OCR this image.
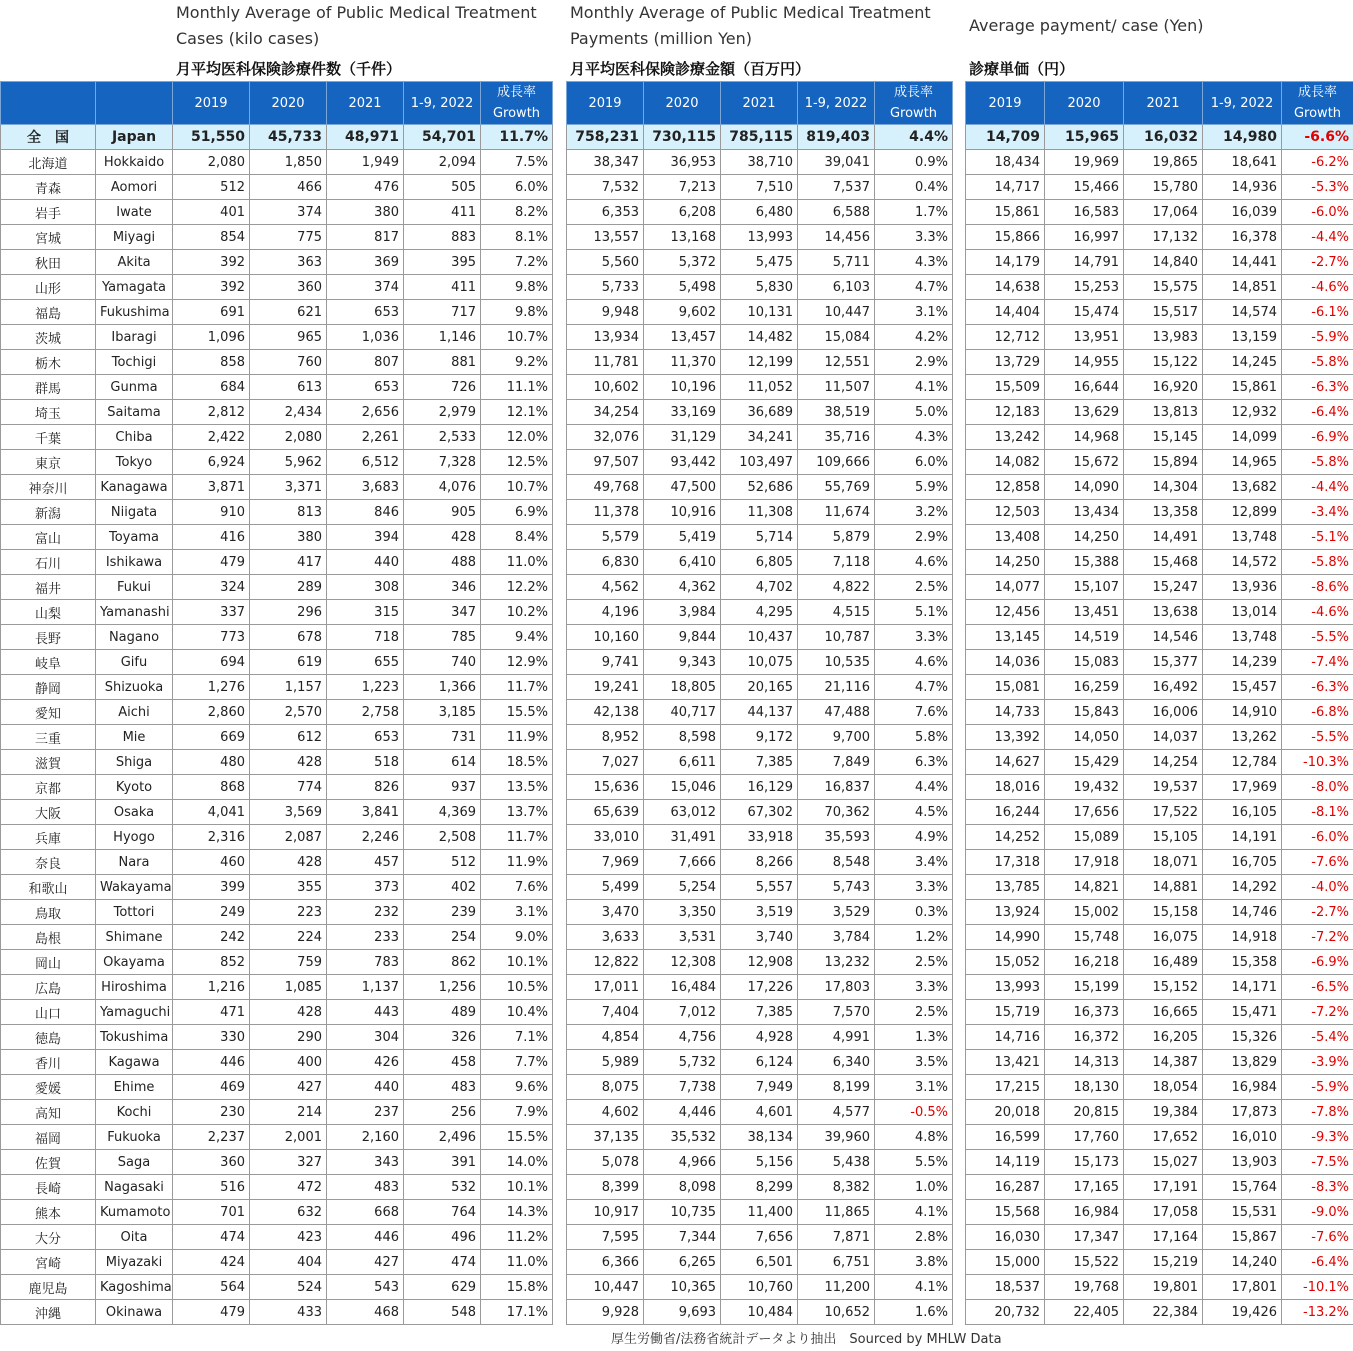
Monthly Average of Public Medical Treatment Cases (kilo cases)
月平均医科保険診療件数（千件）
Monthly Average of Public Medical Treatment Payments (million Yen)
月平均医科保険診療金額（百万円）
Average payment/ case (Yen)
診療単価（円）
		2019	2020	2021	1-9, 2022	成長率
Growth
全　国	Japan	51,550	45,733	48,971	54,701	11.7%
北海道	Hokkaido	2,080	1,850	1,949	2,094	7.5%
青森	Aomori	512	466	476	505	6.0%
岩手	Iwate	401	374	380	411	8.2%
宮城	Miyagi	854	775	817	883	8.1%
秋田	Akita	392	363	369	395	7.2%
山形	Yamagata	392	360	374	411	9.8%
福島	Fukushima	691	621	653	717	9.8%
茨城	Ibaragi	1,096	965	1,036	1,146	10.7%
栃木	Tochigi	858	760	807	881	9.2%
群馬	Gunma	684	613	653	726	11.1%
埼玉	Saitama	2,812	2,434	2,656	2,979	12.1%
千葉	Chiba	2,422	2,080	2,261	2,533	12.0%
東京	Tokyo	6,924	5,962	6,512	7,328	12.5%
神奈川	Kanagawa	3,871	3,371	3,683	4,076	10.7%
新潟	Niigata	910	813	846	905	6.9%
富山	Toyama	416	380	394	428	8.4%
石川	Ishikawa	479	417	440	488	11.0%
福井	Fukui	324	289	308	346	12.2%
山梨	Yamanashi	337	296	315	347	10.2%
長野	Nagano	773	678	718	785	9.4%
岐阜	Gifu	694	619	655	740	12.9%
静岡	Shizuoka	1,276	1,157	1,223	1,366	11.7%
愛知	Aichi	2,860	2,570	2,758	3,185	15.5%
三重	Mie	669	612	653	731	11.9%
滋賀	Shiga	480	428	518	614	18.5%
京都	Kyoto	868	774	826	937	13.5%
大阪	Osaka	4,041	3,569	3,841	4,369	13.7%
兵庫	Hyogo	2,316	2,087	2,246	2,508	11.7%
奈良	Nara	460	428	457	512	11.9%
和歌山	Wakayama	399	355	373	402	7.6%
鳥取	Tottori	249	223	232	239	3.1%
島根	Shimane	242	224	233	254	9.0%
岡山	Okayama	852	759	783	862	10.1%
広島	Hiroshima	1,216	1,085	1,137	1,256	10.5%
山口	Yamaguchi	471	428	443	489	10.4%
徳島	Tokushima	330	290	304	326	7.1%
香川	Kagawa	446	400	426	458	7.7%
愛媛	Ehime	469	427	440	483	9.6%
高知	Kochi	230	214	237	256	7.9%
福岡	Fukuoka	2,237	2,001	2,160	2,496	15.5%
佐賀	Saga	360	327	343	391	14.0%
長崎	Nagasaki	516	472	483	532	10.1%
熊本	Kumamoto	701	632	668	764	14.3%
大分	Oita	474	423	446	496	11.2%
宮崎	Miyazaki	424	404	427	474	11.0%
鹿児島	Kagoshima	564	524	543	629	15.8%
沖縄	Okinawa	479	433	468	548	17.1%
2019	2020	2021	1-9, 2022	成長率
Growth
758,231	730,115	785,115	819,403	4.4%
38,347	36,953	38,710	39,041	0.9%
7,532	7,213	7,510	7,537	0.4%
6,353	6,208	6,480	6,588	1.7%
13,557	13,168	13,993	14,456	3.3%
5,560	5,372	5,475	5,711	4.3%
5,733	5,498	5,830	6,103	4.7%
9,948	9,602	10,131	10,447	3.1%
13,934	13,457	14,482	15,084	4.2%
11,781	11,370	12,199	12,551	2.9%
10,602	10,196	11,052	11,507	4.1%
34,254	33,169	36,689	38,519	5.0%
32,076	31,129	34,241	35,716	4.3%
97,507	93,442	103,497	109,666	6.0%
49,768	47,500	52,686	55,769	5.9%
11,378	10,916	11,308	11,674	3.2%
5,579	5,419	5,714	5,879	2.9%
6,830	6,410	6,805	7,118	4.6%
4,562	4,362	4,702	4,822	2.5%
4,196	3,984	4,295	4,515	5.1%
10,160	9,844	10,437	10,787	3.3%
9,741	9,343	10,075	10,535	4.6%
19,241	18,805	20,165	21,116	4.7%
42,138	40,717	44,137	47,488	7.6%
8,952	8,598	9,172	9,700	5.8%
7,027	6,611	7,385	7,849	6.3%
15,636	15,046	16,129	16,837	4.4%
65,639	63,012	67,302	70,362	4.5%
33,010	31,491	33,918	35,593	4.9%
7,969	7,666	8,266	8,548	3.4%
5,499	5,254	5,557	5,743	3.3%
3,470	3,350	3,519	3,529	0.3%
3,633	3,531	3,740	3,784	1.2%
12,822	12,308	12,908	13,232	2.5%
17,011	16,484	17,226	17,803	3.3%
7,404	7,012	7,385	7,570	2.5%
4,854	4,756	4,928	4,991	1.3%
5,989	5,732	6,124	6,340	3.5%
8,075	7,738	7,949	8,199	3.1%
4,602	4,446	4,601	4,577	-0.5%
37,135	35,532	38,134	39,960	4.8%
5,078	4,966	5,156	5,438	5.5%
8,399	8,098	8,299	8,382	1.0%
10,917	10,735	11,400	11,865	4.1%
7,595	7,344	7,656	7,871	2.8%
6,366	6,265	6,501	6,751	3.8%
10,447	10,365	10,760	11,200	4.1%
9,928	9,693	10,484	10,652	1.6%
2019	2020	2021	1-9, 2022	成長率
Growth
14,709	15,965	16,032	14,980	-6.6%
18,434	19,969	19,865	18,641	-6.2%
14,717	15,466	15,780	14,936	-5.3%
15,861	16,583	17,064	16,039	-6.0%
15,866	16,997	17,132	16,378	-4.4%
14,179	14,791	14,840	14,441	-2.7%
14,638	15,253	15,575	14,851	-4.6%
14,404	15,474	15,517	14,574	-6.1%
12,712	13,951	13,983	13,159	-5.9%
13,729	14,955	15,122	14,245	-5.8%
15,509	16,644	16,920	15,861	-6.3%
12,183	13,629	13,813	12,932	-6.4%
13,242	14,968	15,145	14,099	-6.9%
14,082	15,672	15,894	14,965	-5.8%
12,858	14,090	14,304	13,682	-4.4%
12,503	13,434	13,358	12,899	-3.4%
13,408	14,250	14,491	13,748	-5.1%
14,250	15,388	15,468	14,572	-5.8%
14,077	15,107	15,247	13,936	-8.6%
12,456	13,451	13,638	13,014	-4.6%
13,145	14,519	14,546	13,748	-5.5%
14,036	15,083	15,377	14,239	-7.4%
15,081	16,259	16,492	15,457	-6.3%
14,733	15,843	16,006	14,910	-6.8%
13,392	14,050	14,037	13,262	-5.5%
14,627	15,429	14,254	12,784	-10.3%
18,016	19,432	19,537	17,969	-8.0%
16,244	17,656	17,522	16,105	-8.1%
14,252	15,089	15,105	14,191	-6.0%
17,318	17,918	18,071	16,705	-7.6%
13,785	14,821	14,881	14,292	-4.0%
13,924	15,002	15,158	14,746	-2.7%
14,990	15,748	16,075	14,918	-7.2%
15,052	16,218	16,489	15,358	-6.9%
13,993	15,199	15,152	14,171	-6.5%
15,719	16,373	16,665	15,471	-7.2%
14,716	16,372	16,205	15,326	-5.4%
13,421	14,313	14,387	13,829	-3.9%
17,215	18,130	18,054	16,984	-5.9%
20,018	20,815	19,384	17,873	-7.8%
16,599	17,760	17,652	16,010	-9.3%
14,119	15,173	15,027	13,903	-7.5%
16,287	17,165	17,191	15,764	-8.3%
15,568	16,984	17,058	15,531	-9.0%
16,030	17,347	17,164	15,867	-7.6%
15,000	15,522	15,219	14,240	-6.4%
18,537	19,768	19,801	17,801	-10.1%
20,732	22,405	22,384	19,426	-13.2%
厚生労働省/法務省統計データより抽出　Sourced by MHLW Data
